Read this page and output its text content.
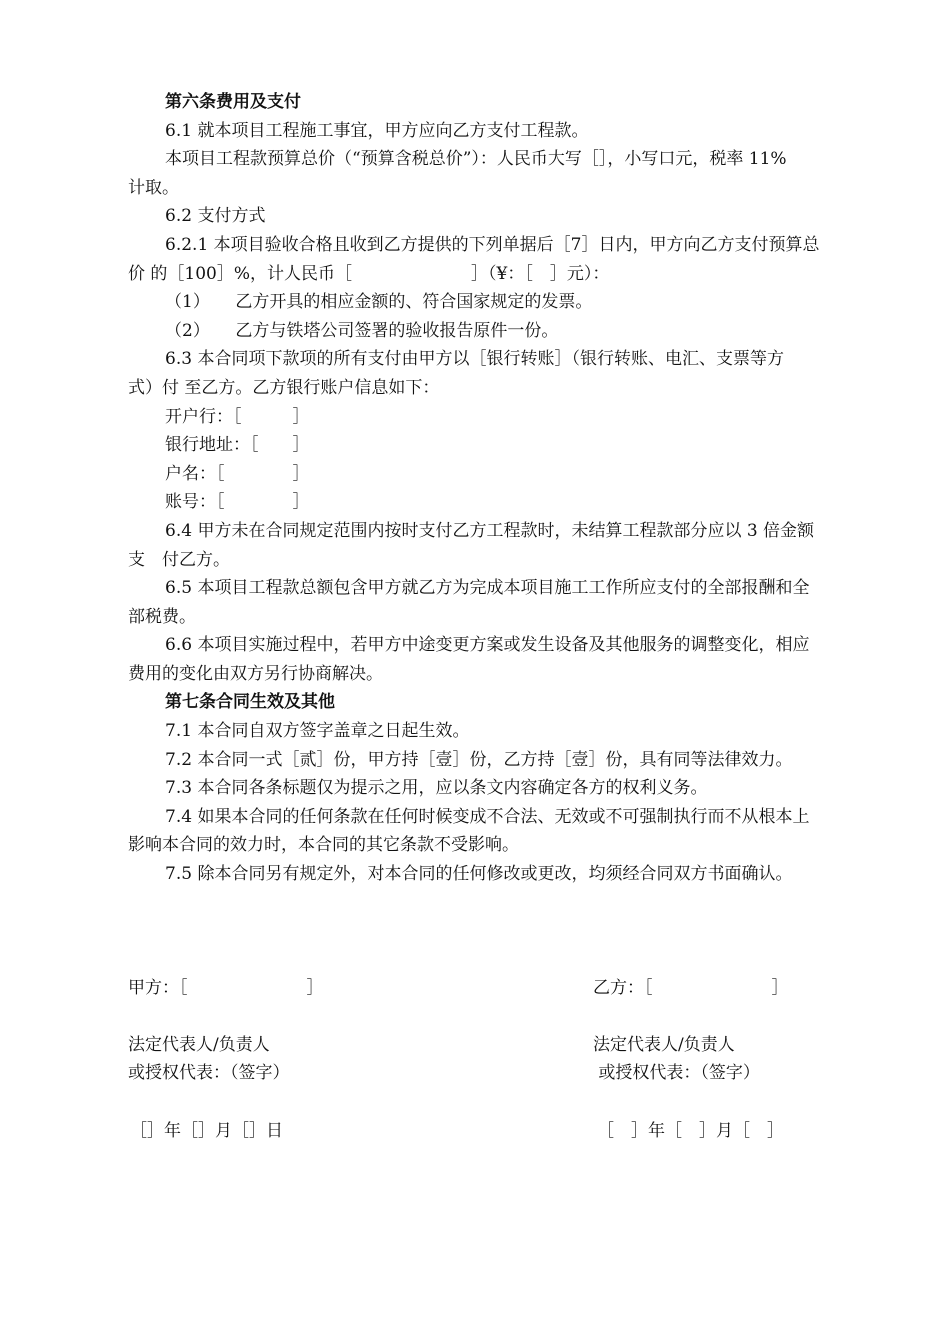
第六条费用及支付
6.1 就本项目工程施工事宜，甲方应向乙方支付工程款。
本项目工程款预算总价（“预算含税总价”）：人民币大写［］，小写口元，税率 11%
计取。
6.2 支付方式
6.2.1 本项目验收合格且收到乙方提供的下列单据后［7］日内，甲方向乙方支付预算总
价 的［100］%，计人民币［　　　　　　　］（¥：［　］元）：
（1）　　乙方开具的相应金额的、符合国家规定的发票。
（2）　　乙方与铁塔公司签署的验收报告原件一份。
6.3 本合同项下款项的所有支付由甲方以［银行转账］（银行转账、电汇、支票等方
式）付 至乙方。乙方银行账户信息如下：
开户行：［　　　］
银行地址：［　　］
户名：［　　　　］
账号：［　　　　］
6.4 甲方未在合同规定范围内按时支付乙方工程款时，未结算工程款部分应以 3 倍金额
支　付乙方。
6.5 本项目工程款总额包含甲方就乙方为完成本项目施工工作所应支付的全部报酬和全
部税费。
6.6 本项目实施过程中，若甲方中途变更方案或发生设备及其他服务的调整变化，相应
费用的变化由双方另行协商解决。
第七条合同生效及其他
7.1 本合同自双方签字盖章之日起生效。
7.2 本合同一式［贰］份，甲方持［壹］份，乙方持［壹］份，具有同等法律效力。
7.3 本合同各条标题仅为提示之用，应以条文内容确定各方的权利义务。
7.4 如果本合同的任何条款在任何时候变成不合法、无效或不可强制执行而不从根本上
影响本合同的效力时，本合同的其它条款不受影响。
7.5 除本合同另有规定外，对本合同的任何修改或更改，均须经合同双方书面确认。
甲方：［　　　　　　　］	乙方：［　　　　　　　］
法定代表人/负责人
或授权代表：（签字）
法定代表人/负责人
或授权代表：（签字）
［］年［］月［］日	［　］年［　］月［　］
